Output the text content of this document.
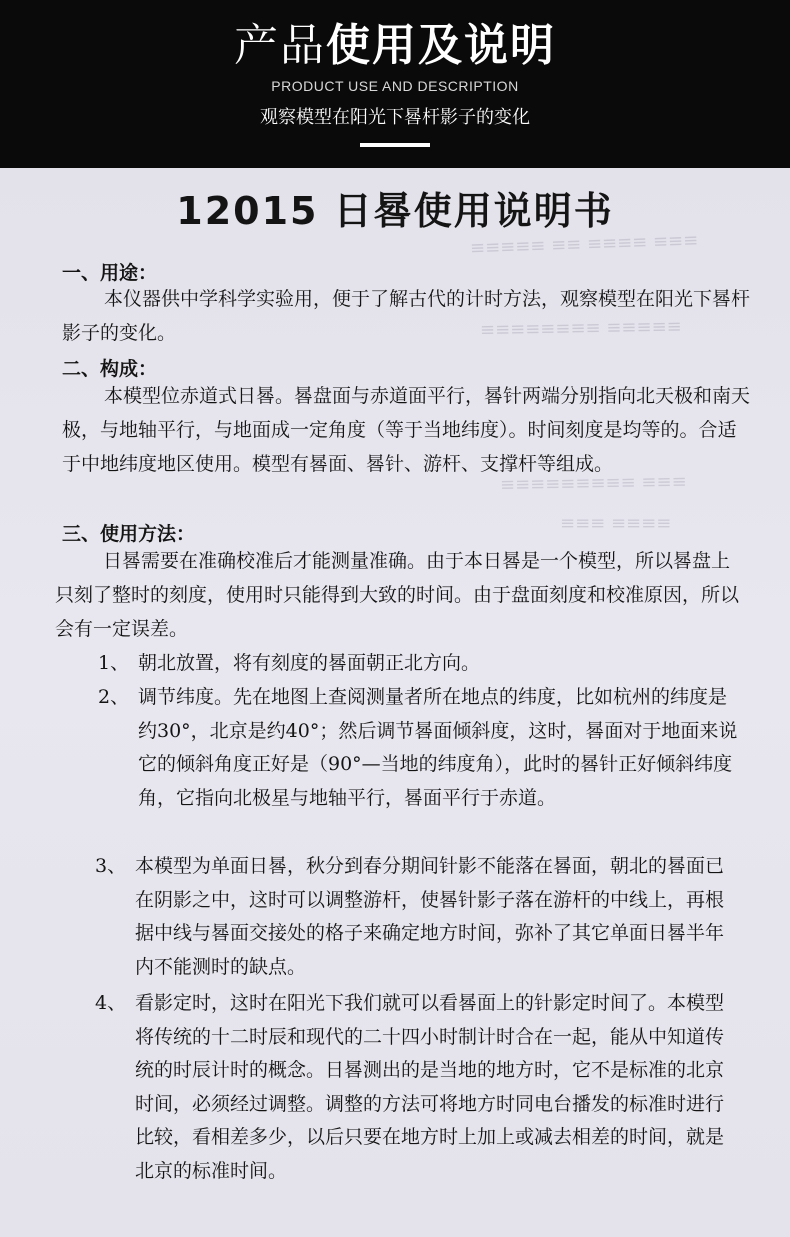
产品使用及说明
PRODUCT USE AND DESCRIPTION
观察模型在阳光下晷杆影子的变化
≡≡≡≡≡ ≡≡ ≡≡≡≡ ≡≡≡
≡≡≡≡≡≡≡≡ ≡≡≡≡≡
≡≡≡≡≡≡≡≡≡ ≡≡≡
≡≡≡ ≡≡≡≡
12015 日晷使用说明书
一、用途：
本仪器供中学科学实验用，便于了解古代的计时方法，观察模型在阳光下晷杆影子的变化。
二、构成：
本模型位赤道式日晷。晷盘面与赤道面平行，晷针两端分别指向北天极和南天极，与地轴平行，与地面成一定角度（等于当地纬度）。时间刻度是均等的。合适于中地纬度地区使用。模型有晷面、晷针、游杆、支撑杆等组成。
三、使用方法：
日晷需要在准确校准后才能测量准确。由于本日晷是一个模型，所以晷盘上只刻了整时的刻度，使用时只能得到大致的时间。由于盘面刻度和校准原因，所以会有一定误差。
1、 朝北放置，将有刻度的晷面朝正北方向。
2、 调节纬度。先在地图上查阅测量者所在地点的纬度，比如杭州的纬度是约30°，北京是约40°；然后调节晷面倾斜度，这时，晷面对于地面来说它的倾斜角度正好是（90°—当地的纬度角），此时的晷针正好倾斜纬度角，它指向北极星与地轴平行，晷面平行于赤道。
3、 本模型为单面日晷，秋分到春分期间针影不能落在晷面，朝北的晷面已在阴影之中，这时可以调整游杆，使晷针影子落在游杆的中线上，再根据中线与晷面交接处的格子来确定地方时间，弥补了其它单面日晷半年内不能测时的缺点。
4、 看影定时，这时在阳光下我们就可以看晷面上的针影定时间了。本模型将传统的十二时辰和现代的二十四小时制计时合在一起，能从中知道传统的时辰计时的概念。日晷测出的是当地的地方时，它不是标准的北京时间，必须经过调整。调整的方法可将地方时同电台播发的标准时进行比较，看相差多少，以后只要在地方时上加上或减去相差的时间，就是北京的标准时间。
